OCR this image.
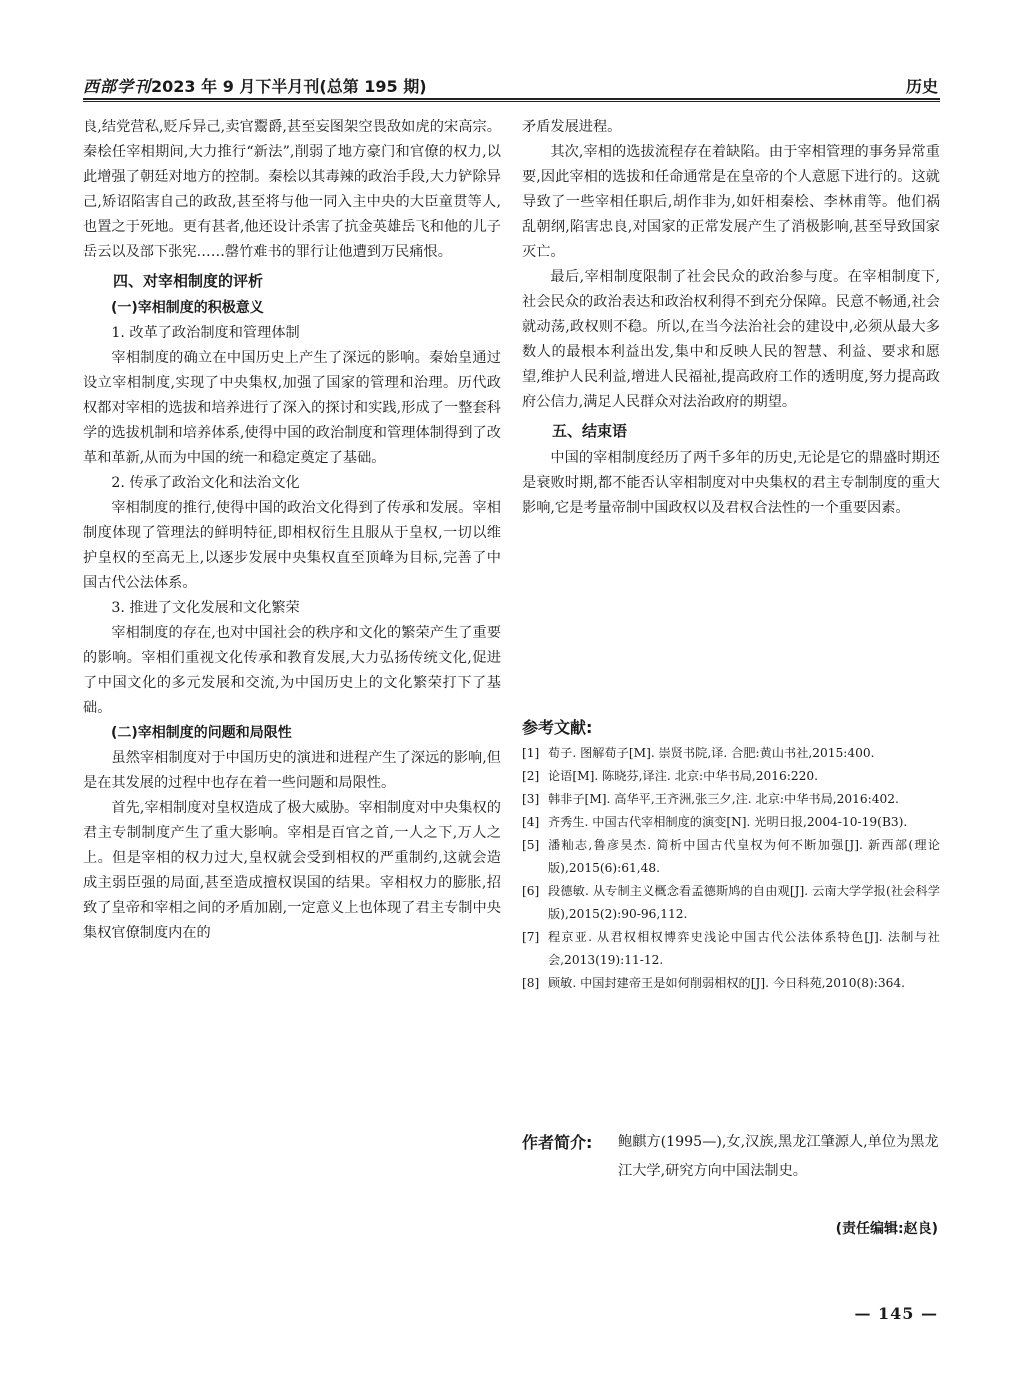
西部学刊2023 年 9 月下半月刊(总第 195 期)	历史

良,结党营私,贬斥异己,卖官鬻爵,甚至妄图架空畏敌如虎的宋高宗。秦桧任宰相期间,大力推行“新法”,削弱了地方豪门和官僚的权力,以此增强了朝廷对地方的控制。秦桧以其毒辣的政治手段,大力铲除异己,矫诏陷害自己的政敌,甚至将与他一同入主中央的大臣童贯等人,也置之于死地。更有甚者,他还设计杀害了抗金英雄岳飞和他的儿子岳云以及部下张宪……罄竹难书的罪行让他遭到万民痛恨。

四、对宰相制度的评析
(一)宰相制度的积极意义
1. 改革了政治制度和管理体制

宰相制度的确立在中国历史上产生了深远的影响。秦始皇通过设立宰相制度,实现了中央集权,加强了国家的管理和治理。历代政权都对宰相的选拔和培养进行了深入的探讨和实践,形成了一整套科学的选拔机制和培养体系,使得中国的政治制度和管理体制得到了改革和革新,从而为中国的统一和稳定奠定了基础。

2. 传承了政治文化和法治文化

宰相制度的推行,使得中国的政治文化得到了传承和发展。宰相制度体现了管理法的鲜明特征,即相权衍生且服从于皇权,一切以维护皇权的至高无上,以逐步发展中央集权直至顶峰为目标,完善了中国古代公法体系。

3. 推进了文化发展和文化繁荣

宰相制度的存在,也对中国社会的秩序和文化的繁荣产生了重要的影响。宰相们重视文化传承和教育发展,大力弘扬传统文化,促进了中国文化的多元发展和交流,为中国历史上的文化繁荣打下了基础。

(二)宰相制度的问题和局限性

虽然宰相制度对于中国历史的演进和进程产生了深远的影响,但是在其发展的过程中也存在着一些问题和局限性。

首先,宰相制度对皇权造成了极大威胁。宰相制度对中央集权的君主专制制度产生了重大影响。宰相是百官之首,一人之下,万人之上。但是宰相的权力过大,皇权就会受到相权的严重制约,这就会造成主弱臣强的局面,甚至造成擅权误国的结果。宰相权力的膨胀,招致了皇帝和宰相之间的矛盾加剧,一定意义上也体现了君主专制中央集权官僚制度内在的

矛盾发展进程。

其次,宰相的选拔流程存在着缺陷。由于宰相管理的事务异常重要,因此宰相的选拔和任命通常是在皇帝的个人意愿下进行的。这就导致了一些宰相任职后,胡作非为,如奸相秦桧、李林甫等。他们祸乱朝纲,陷害忠良,对国家的正常发展产生了消极影响,甚至导致国家灭亡。

最后,宰相制度限制了社会民众的政治参与度。在宰相制度下,社会民众的政治表达和政治权利得不到充分保障。民意不畅通,社会就动荡,政权则不稳。所以,在当今法治社会的建设中,必须从最大多数人的最根本利益出发,集中和反映人民的智慧、利益、要求和愿望,维护人民利益,增进人民福祉,提高政府工作的透明度,努力提高政府公信力,满足人民群众对法治政府的期望。

五、结束语

中国的宰相制度经历了两千多年的历史,无论是它的鼎盛时期还是衰败时期,都不能否认宰相制度对中央集权的君主专制制度的重大影响,它是考量帝制中国政权以及君权合法性的一个重要因素。

参考文献:
[1] 荀子. 图解荀子[M]. 崇贤书院,译. 合肥:黄山书社,2015:400.
[2] 论语[M]. 陈晓芬,译注. 北京:中华书局,2016:220.
[3] 韩非子[M]. 高华平,王齐洲,张三夕,注. 北京:中华书局,2016:402.
[4] 齐秀生. 中国古代宰相制度的演变[N]. 光明日报,2004-10-19(B3).
[5] 潘籼志,鲁彦昊杰. 简析中国古代皇权为何不断加强[J]. 新西部(理论版),2015(6):61,48.
[6] 段德敏. 从专制主义概念看孟德斯鸠的自由观[J]. 云南大学学报(社会科学版),2015(2):90-96,112.
[7] 程京亚. 从君权相权博弈史浅论中国古代公法体系特色[J]. 法制与社会,2013(19):11-12.
[8] 顾敏. 中国封建帝王是如何削弱相权的[J]. 今日科苑,2010(8):364.
作者简介:	鲍麒方(1995—),女,汉族,黑龙江肇源人,单位为黑龙江大学,研究方向中国法制史。
(责任编辑:赵良)
— 145 —
